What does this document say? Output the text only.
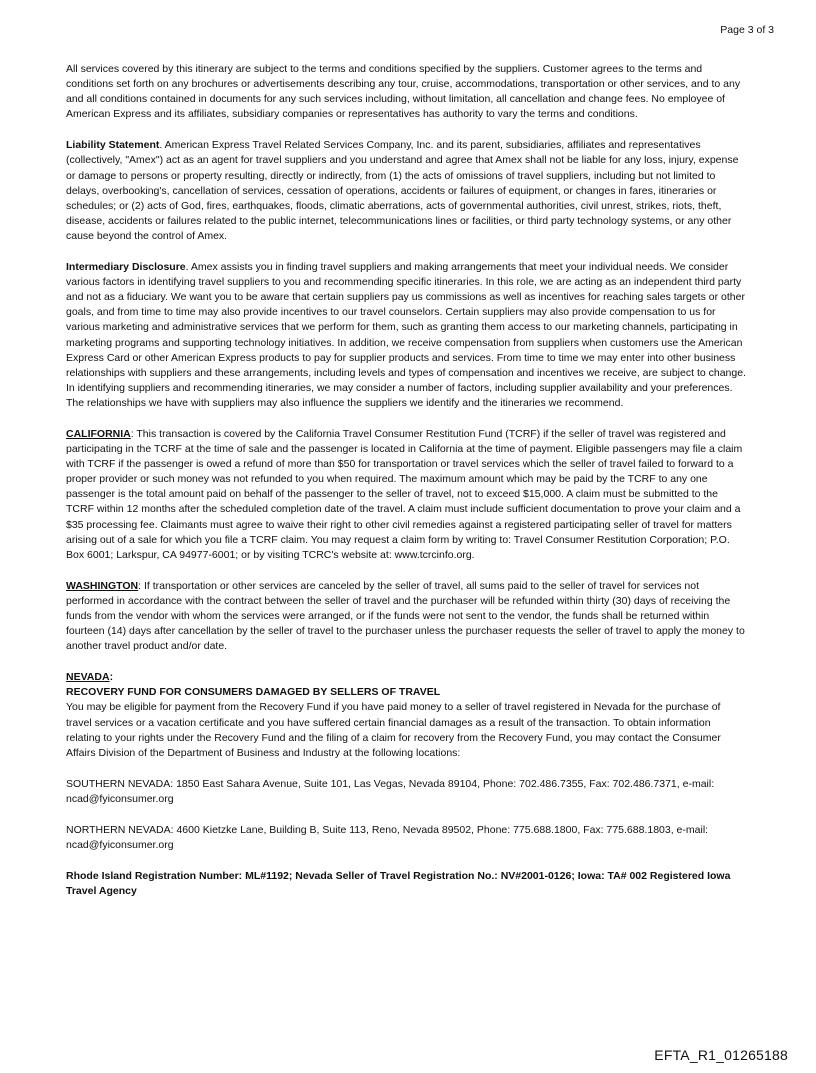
Page 3 of 3

All services covered by this itinerary are subject to the terms and conditions specified by the suppliers. Customer agrees to the terms and conditions set forth on any brochures or advertisements describing any tour, cruise, accommodations, transportation or other services, and to any and all conditions contained in documents for any such services including, without limitation, all cancellation and change fees. No employee of American Express and its affiliates, subsidiary companies or representatives has authority to vary the terms and conditions.

Liability Statement. American Express Travel Related Services Company, Inc. and its parent, subsidiaries, affiliates and representatives (collectively, "Amex") act as an agent for travel suppliers and you understand and agree that Amex shall not be liable for any loss, injury, expense or damage to persons or property resulting, directly or indirectly, from (1) the acts of omissions of travel suppliers, including but not limited to delays, overbooking's, cancellation of services, cessation of operations, accidents or failures of equipment, or changes in fares, itineraries or schedules; or (2) acts of God, fires, earthquakes, floods, climatic aberrations, acts of governmental authorities, civil unrest, strikes, riots, theft, disease, accidents or failures related to the public internet, telecommunications lines or facilities, or third party technology systems, or any other cause beyond the control of Amex.

Intermediary Disclosure. Amex assists you in finding travel suppliers and making arrangements that meet your individual needs. We consider various factors in identifying travel suppliers to you and recommending specific itineraries. In this role, we are acting as an independent third party and not as a fiduciary. We want you to be aware that certain suppliers pay us commissions as well as incentives for reaching sales targets or other goals, and from time to time may also provide incentives to our travel counselors. Certain suppliers may also provide compensation to us for various marketing and administrative services that we perform for them, such as granting them access to our marketing channels, participating in marketing programs and supporting technology initiatives. In addition, we receive compensation from suppliers when customers use the American Express Card or other American Express products to pay for supplier products and services. From time to time we may enter into other business relationships with suppliers and these arrangements, including levels and types of compensation and incentives we receive, are subject to change. In identifying suppliers and recommending itineraries, we may consider a number of factors, including supplier availability and your preferences. The relationships we have with suppliers may also influence the suppliers we identify and the itineraries we recommend.

CALIFORNIA: This transaction is covered by the California Travel Consumer Restitution Fund (TCRF) if the seller of travel was registered and participating in the TCRF at the time of sale and the passenger is located in California at the time of payment. Eligible passengers may file a claim with TCRF if the passenger is owed a refund of more than $50 for transportation or travel services which the seller of travel failed to forward to a proper provider or such money was not refunded to you when required. The maximum amount which may be paid by the TCRF to any one passenger is the total amount paid on behalf of the passenger to the seller of travel, not to exceed $15,000. A claim must be submitted to the TCRF within 12 months after the scheduled completion date of the travel. A claim must include sufficient documentation to prove your claim and a $35 processing fee. Claimants must agree to waive their right to other civil remedies against a registered participating seller of travel for matters arising out of a sale for which you file a TCRF claim. You may request a claim form by writing to: Travel Consumer Restitution Corporation; P.O. Box 6001; Larkspur, CA 94977-6001; or by visiting TCRC's website at: www.tcrcinfo.org.

WASHINGTON: If transportation or other services are canceled by the seller of travel, all sums paid to the seller of travel for services not performed in accordance with the contract between the seller of travel and the purchaser will be refunded within thirty (30) days of receiving the funds from the vendor with whom the services were arranged, or if the funds were not sent to the vendor, the funds shall be returned within fourteen (14) days after cancellation by the seller of travel to the purchaser unless the purchaser requests the seller of travel to apply the money to another travel product and/or date.

NEVADA:
RECOVERY FUND FOR CONSUMERS DAMAGED BY SELLERS OF TRAVEL
You may be eligible for payment from the Recovery Fund if you have paid money to a seller of travel registered in Nevada for the purchase of travel services or a vacation certificate and you have suffered certain financial damages as a result of the transaction. To obtain information relating to your rights under the Recovery Fund and the filing of a claim for recovery from the Recovery Fund, you may contact the Consumer Affairs Division of the Department of Business and Industry at the following locations:

SOUTHERN NEVADA: 1850 East Sahara Avenue, Suite 101, Las Vegas, Nevada 89104, Phone: 702.486.7355, Fax: 702.486.7371, e-mail: ncad@fyiconsumer.org

NORTHERN NEVADA: 4600 Kietzke Lane, Building B, Suite 113, Reno, Nevada 89502, Phone: 775.688.1800, Fax: 775.688.1803, e-mail: ncad@fyiconsumer.org

Rhode Island Registration Number: ML#1192; Nevada Seller of Travel Registration No.: NV#2001-0126; Iowa: TA# 002 Registered Iowa Travel Agency

EFTA_R1_01265188
